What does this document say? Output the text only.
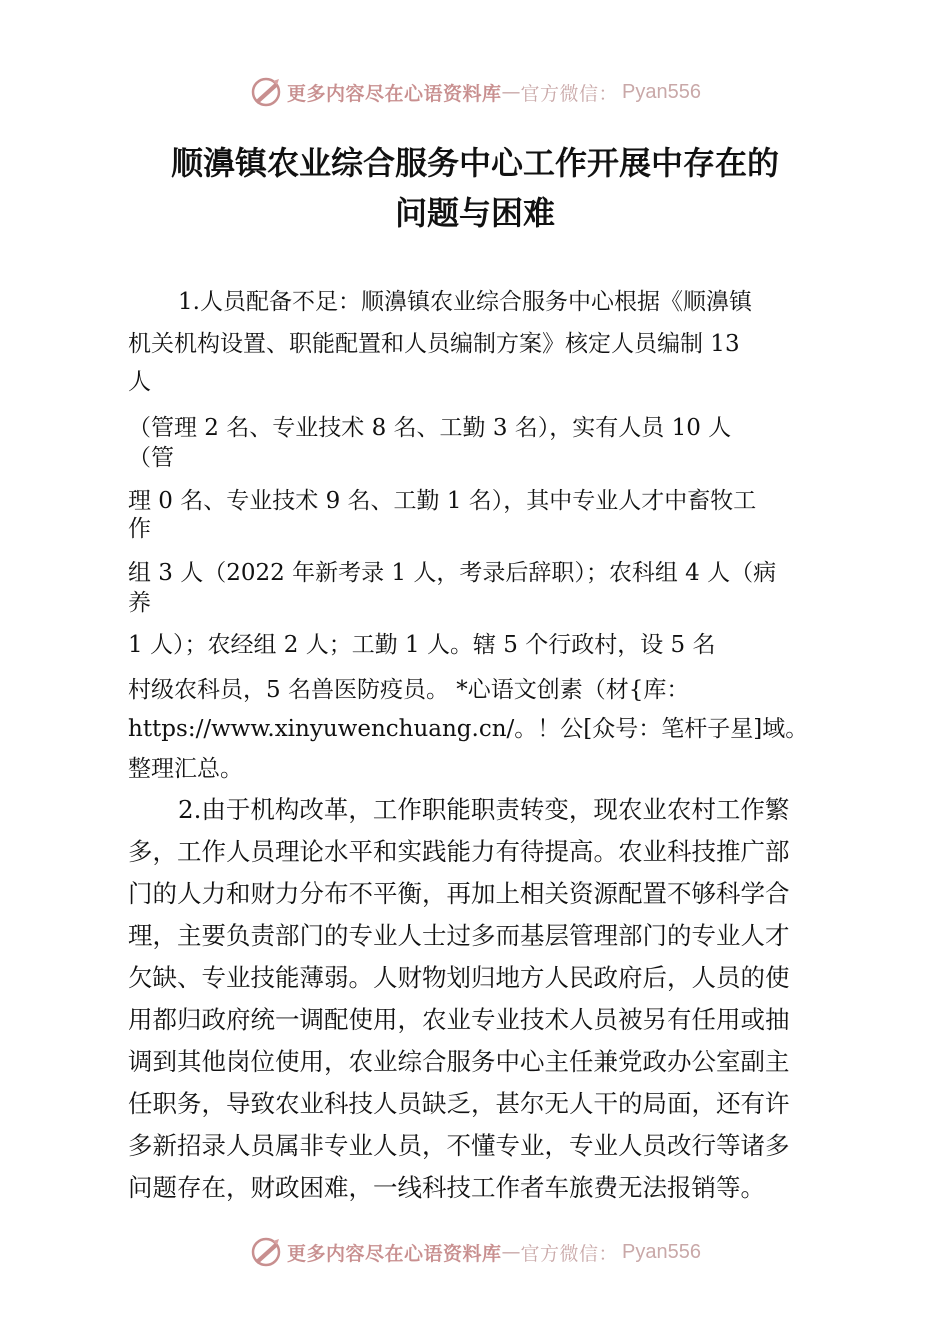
更多内容尽在心语资料库 — 官方微信： Pyan556
顺濞镇农业综合服务中心工作开展中存在的
问题与困难
1.人员配备不足：顺濞镇农业综合服务中心根据《顺濞镇
机关机构设置、职能配置和人员编制方案》核定人员编制 13
人
（管理 2 名、专业技术 8 名、工勤 3 名），实有人员 10 人
（管
理 0 名、专业技术 9 名、工勤 1 名），其中专业人才中畜牧工
作
组 3 人（2022 年新考录 1 人，考录后辞职）；农科组 4 人（病
养
1 人）；农经组 2 人；工勤 1 人。辖 5 个行政村，设 5 名
村级农科员，5 名兽医防疫员。 *心语文创素（材{库：
https://www.xinyuwenchuang.cn/。！公[众号：笔杆子星]域。
整理汇总。
2.由于机构改革，工作职能职责转变，现农业农村工作繁
多，工作人员理论水平和实践能力有待提高。农业科技推广部
门的人力和财力分布不平衡，再加上相关资源配置不够科学合
理，主要负责部门的专业人士过多而基层管理部门的专业人才
欠缺、专业技能薄弱。人财物划归地方人民政府后，人员的使
用都归政府统一调配使用，农业专业技术人员被另有任用或抽
调到其他岗位使用，农业综合服务中心主任兼党政办公室副主
任职务，导致农业科技人员缺乏，甚尔无人干的局面，还有许
多新招录人员属非专业人员，不懂专业，专业人员改行等诸多
问题存在，财政困难，一线科技工作者车旅费无法报销等。
更多内容尽在心语资料库 — 官方微信： Pyan556
